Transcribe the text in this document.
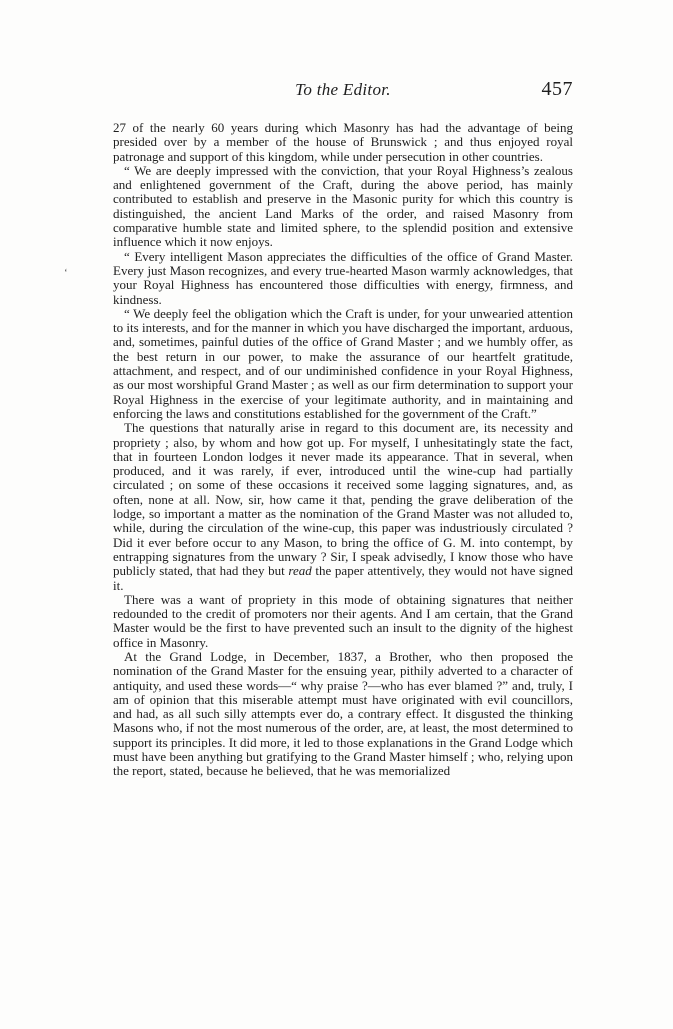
To the Editor.	457
‘

27 of the nearly 60 years during which Masonry has had the advantage of being presided over by a member of the house of Brunswick ; and thus enjoyed royal patronage and support of this kingdom, while under persecution in other countries.

“ We are deeply impressed with the conviction, that your Royal Highness’s zealous and enlightened government of the Craft, during the above period, has mainly contributed to establish and preserve in the Masonic purity for which this country is distinguished, the ancient Land Marks of the order, and raised Masonry from comparative humble state and limited sphere, to the splendid position and extensive influence which it now enjoys.

“ Every intelligent Mason appreciates the difficulties of the office of Grand Master. Every just Mason recognizes, and every true-hearted Mason warmly acknowledges, that your Royal Highness has encountered those difficulties with energy, firmness, and kindness.

“ We deeply feel the obligation which the Craft is under, for your unwearied attention to its interests, and for the manner in which you have discharged the important, arduous, and, sometimes, painful duties of the office of Grand Master ; and we humbly offer, as the best return in our power, to make the assurance of our heartfelt gratitude, attachment, and respect, and of our undiminished confidence in your Royal Highness, as our most worshipful Grand Master ; as well as our firm determination to support your Royal Highness in the exercise of your legitimate authority, and in maintaining and enforcing the laws and constitutions established for the government of the Craft.”

The questions that naturally arise in regard to this document are, its necessity and propriety ; also, by whom and how got up. For myself, I unhesitatingly state the fact, that in fourteen London lodges it never made its appearance. That in several, when produced, and it was rarely, if ever, introduced until the wine-cup had partially circulated ; on some of these occasions it received some lagging signatures, and, as often, none at all. Now, sir, how came it that, pending the grave deliberation of the lodge, so important a matter as the nomination of the Grand Master was not alluded to, while, during the circulation of the wine-cup, this paper was industriously circulated ? Did it ever before occur to any Mason, to bring the office of G. M. into contempt, by entrapping signatures from the unwary ? Sir, I speak advisedly, I know those who have publicly stated, that had they but read the paper attentively, they would not have signed it.

There was a want of propriety in this mode of obtaining signatures that neither redounded to the credit of promoters nor their agents. And I am certain, that the Grand Master would be the first to have prevented such an insult to the dignity of the highest office in Masonry.

At the Grand Lodge, in December, 1837, a Brother, who then proposed the nomination of the Grand Master for the ensuing year, pithily adverted to a character of antiquity, and used these words—“ why praise ?—who has ever blamed ?” and, truly, I am of opinion that this miserable attempt must have originated with evil councillors, and had, as all such silly attempts ever do, a contrary effect. It disgusted the thinking Masons who, if not the most numerous of the order, are, at least, the most determined to support its principles. It did more, it led to those explanations in the Grand Lodge which must have been anything but gratifying to the Grand Master himself ; who, relying upon the report, stated, because he believed, that he was memorialized
